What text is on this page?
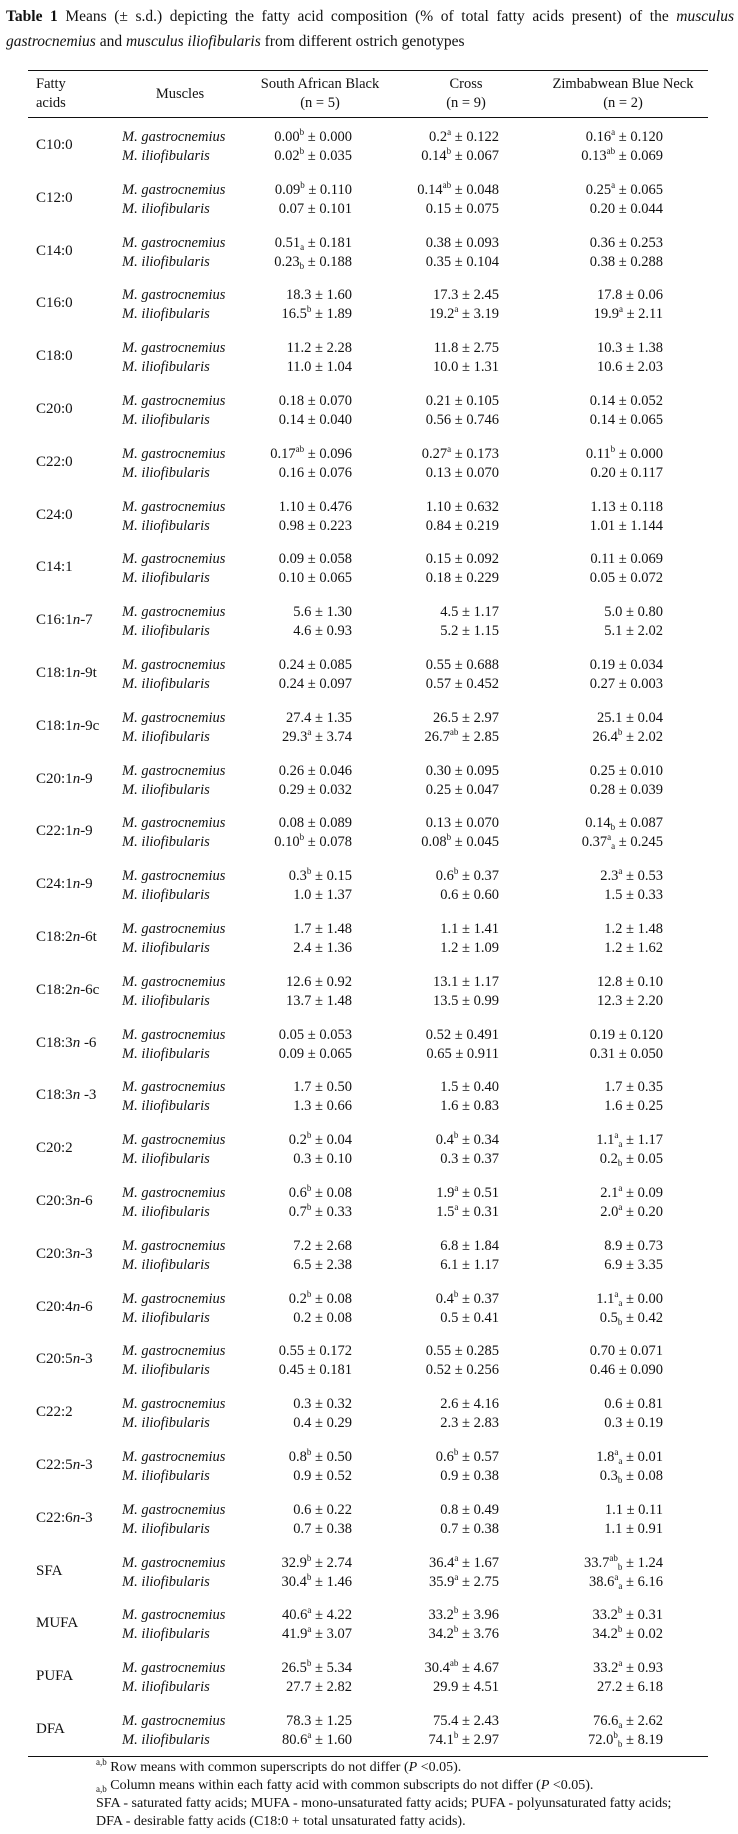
Table 1 Means (± s.d.) depicting the fatty acid composition (% of total fatty acids present) of the musculus gastrocnemius and musculus iliofibularis from different ostrich genotypes
Fatty
acids
Muscles
South African Black
(n = 5)
Cross
(n = 9)
Zimbabwean Blue Neck
(n = 2)
C10:0	M. gastrocnemius	0.00$^b$ ± 0.000	0.2$^a$ ± 0.122	0.16$^a$ ± 0.120
M. iliofibularis	0.02$^b$ ± 0.035	0.14$^b$ ± 0.067	0.13$^{ab}$ ± 0.069
C12:0	M. gastrocnemius	0.09$^b$ ± 0.110	0.14$^{ab}$ ± 0.048	0.25$^a$ ± 0.065
M. iliofibularis	0.07 ± 0.101	0.15 ± 0.075	0.20 ± 0.044
C14:0	M. gastrocnemius	$0.51_a \pm 0.181$	0.38 ± 0.093	0.36 ± 0.253
M. iliofibularis	$0.23_b \pm 0.188$	0.35 ± 0.104	0.38 ± 0.288
C16:0	M. gastrocnemius	18.3 ± 1.60	17.3 ± 2.45	17.8 ± 0.06
M. iliofibularis	16.5$^b$ ± 1.89	19.2$^a$ ± 3.19	19.9$^a$ ± 2.11
C18:0	M. gastrocnemius	11.2 ± 2.28	11.8 ± 2.75	10.3 ± 1.38
M. iliofibularis	11.0 ± 1.04	10.0 ± 1.31	10.6 ± 2.03
C20:0	M. gastrocnemius	0.18 ± 0.070	0.21 ± 0.105	0.14 ± 0.052
M. iliofibularis	0.14 ± 0.040	0.56 ± 0.746	0.14 ± 0.065
C22:0	M. gastrocnemius	0.17$^{ab}$ ± 0.096	0.27$^a$ ± 0.173	0.11$^b$ ± 0.000
M. iliofibularis	0.16 ± 0.076	0.13 ± 0.070	0.20 ± 0.117
C24:0	M. gastrocnemius	1.10 ± 0.476	1.10 ± 0.632	1.13 ± 0.118
M. iliofibularis	0.98 ± 0.223	0.84 ± 0.219	1.01 ± 1.144
C14:1	M. gastrocnemius	0.09 ± 0.058	0.15 ± 0.092	0.11 ± 0.069
M. iliofibularis	0.10 ± 0.065	0.18 ± 0.229	0.05 ± 0.072
C16:1n-7 M. gastrocnemius	5.6 ± 1.30	4.5 ± 1.17	5.0 ± 0.80
M. iliofibularis	4.6 ± 0.93	5.2 ± 1.15	5.1 ± 2.02
C18:1n-9t M. gastrocnemius	0.24 ± 0.085	0.55 ± 0.688	0.19 ± 0.034
M. iliofibularis	0.24 ± 0.097	0.57 ± 0.452	0.27 ± 0.003
C18:1n-9c M. gastrocnemius	27.4 ± 1.35	26.5 ± 2.97	25.1 ± 0.04
M. iliofibularis	29.3$^a$ ± 3.74	26.7$^{ab}$ ± 2.85	26.4$^b$ ± 2.02
C20:1n-9 M. gastrocnemius	0.26 ± 0.046	0.30 ± 0.095	0.25 ± 0.010
M. iliofibularis	0.29 ± 0.032	0.25 ± 0.047	0.28 ± 0.039
C22:1n-9 M. gastrocnemius	0.08 ± 0.089	0.13 ± 0.070	$0.14_b \pm 0.087$
M. iliofibularis	0.10$^b$ ± 0.078	0.08$^b$ ± 0.045	0.37$^a_a$ ± 0.245
C24:1n-9 M. gastrocnemius	0.3$^b$ ± 0.15	0.6$^b$ ± 0.37	2.3$^a$ ± 0.53
M. iliofibularis	1.0 ± 1.37	0.6 ± 0.60	1.5 ± 0.33
C18:2n-6t M. gastrocnemius	1.7 ± 1.48	1.1 ± 1.41	1.2 ± 1.48
M. iliofibularis	2.4 ± 1.36	1.2 ± 1.09	1.2 ± 1.62
C18:2n-6c M. gastrocnemius	12.6 ± 0.92	13.1 ± 1.17	12.8 ± 0.10
M. iliofibularis	13.7 ± 1.48	13.5 ± 0.99	12.3 ± 2.20
C18:3n -6 M. gastrocnemius	0.05 ± 0.053	0.52 ± 0.491	0.19 ± 0.120
M. iliofibularis	0.09 ± 0.065	0.65 ± 0.911	0.31 ± 0.050
C18:3n -3 M. gastrocnemius	1.7 ± 0.50	1.5 ± 0.40	1.7 ± 0.35
M. iliofibularis	1.3 ± 0.66	1.6 ± 0.83	1.6 ± 0.25
C20:2	M. gastrocnemius	0.2$^b$ ± 0.04	0.4$^b$ ± 0.34	1.1$^a_a$ ± 1.17
M. iliofibularis	0.3 ± 0.10	0.3 ± 0.37	$0.2_b \pm 0.05$
C20:3n-6 M. gastrocnemius	0.6$^b$ ± 0.08	1.9$^a$ ± 0.51	2.1$^a$ ± 0.09
M. iliofibularis	0.7$^b$ ± 0.33	1.5$^a$ ± 0.31	2.0$^a$ ± 0.20
C20:3n-3 M. gastrocnemius	7.2 ± 2.68	6.8 ± 1.84	8.9 ± 0.73
M. iliofibularis	6.5 ± 2.38	6.1 ± 1.17	6.9 ± 3.35
C20:4n-6 M. gastrocnemius	0.2$^b$ ± 0.08	0.4$^b$ ± 0.37	1.1$^a_a$ ± 0.00
M. iliofibularis	0.2 ± 0.08	0.5 ± 0.41	$0.5_b \pm 0.42$
C20:5n-3 M. gastrocnemius	0.55 ± 0.172	0.55 ± 0.285	0.70 ± 0.071
M. iliofibularis	0.45 ± 0.181	0.52 ± 0.256	0.46 ± 0.090
C22:2	M. gastrocnemius	0.3 ± 0.32	2.6 ± 4.16	0.6 ± 0.81
M. iliofibularis	0.4 ± 0.29	2.3 ± 2.83	0.3 ± 0.19
C22:5n-3 M. gastrocnemius	0.8$^b$ ± 0.50	0.6$^b$ ± 0.57	1.8$^a_a$ ± 0.01
M. iliofibularis	0.9 ± 0.52	0.9 ± 0.38	$0.3_b \pm 0.08$
C22:6n-3 M. gastrocnemius	0.6 ± 0.22	0.8 ± 0.49	1.1 ± 0.11
M. iliofibularis	0.7 ± 0.38	0.7 ± 0.38	1.1 ± 0.91
SFA	M. gastrocnemius	32.9$^b$ ± 2.74	36.4$^a$ ± 1.67	33.7$^{ab}_b$ ± 1.24
M. iliofibularis	30.4$^b$ ± 1.46	35.9$^a$ ± 2.75	38.6$^a_a$ ± 6.16
MUFA	M. gastrocnemius	40.6$^a$ ± 4.22	33.2$^b$ ± 3.96	33.2$^b$ ± 0.31
M. iliofibularis	41.9$^a$ ± 3.07	34.2$^b$ ± 3.76	34.2$^b$ ± 0.02
PUFA	M. gastrocnemius	26.5$^b$ ± 5.34	30.4$^{ab}$ ± 4.67	33.2$^a$ ± 0.93
M. iliofibularis	27.7 ± 2.82	29.9 ± 4.51	27.2 ± 6.18
DFA	M. gastrocnemius	78.3 ± 1.25	75.4 ± 2.43	$76.6_a \pm 2.62$
M. iliofibularis	80.6$^a$ ± 1.60	74.1$^b$ ± 2.97	72.0$^b_b$ ± 8.19
$^{a,b}$ Row means with common superscripts do not differ (P <0.05).
$_{a,b}$ Column means within each fatty acid with common subscripts do not differ (P <0.05).
SFA - saturated fatty acids; MUFA - mono-unsaturated fatty acids; PUFA - polyunsaturated fatty acids;
DFA - desirable fatty acids (C18:0 + total unsaturated fatty acids).
